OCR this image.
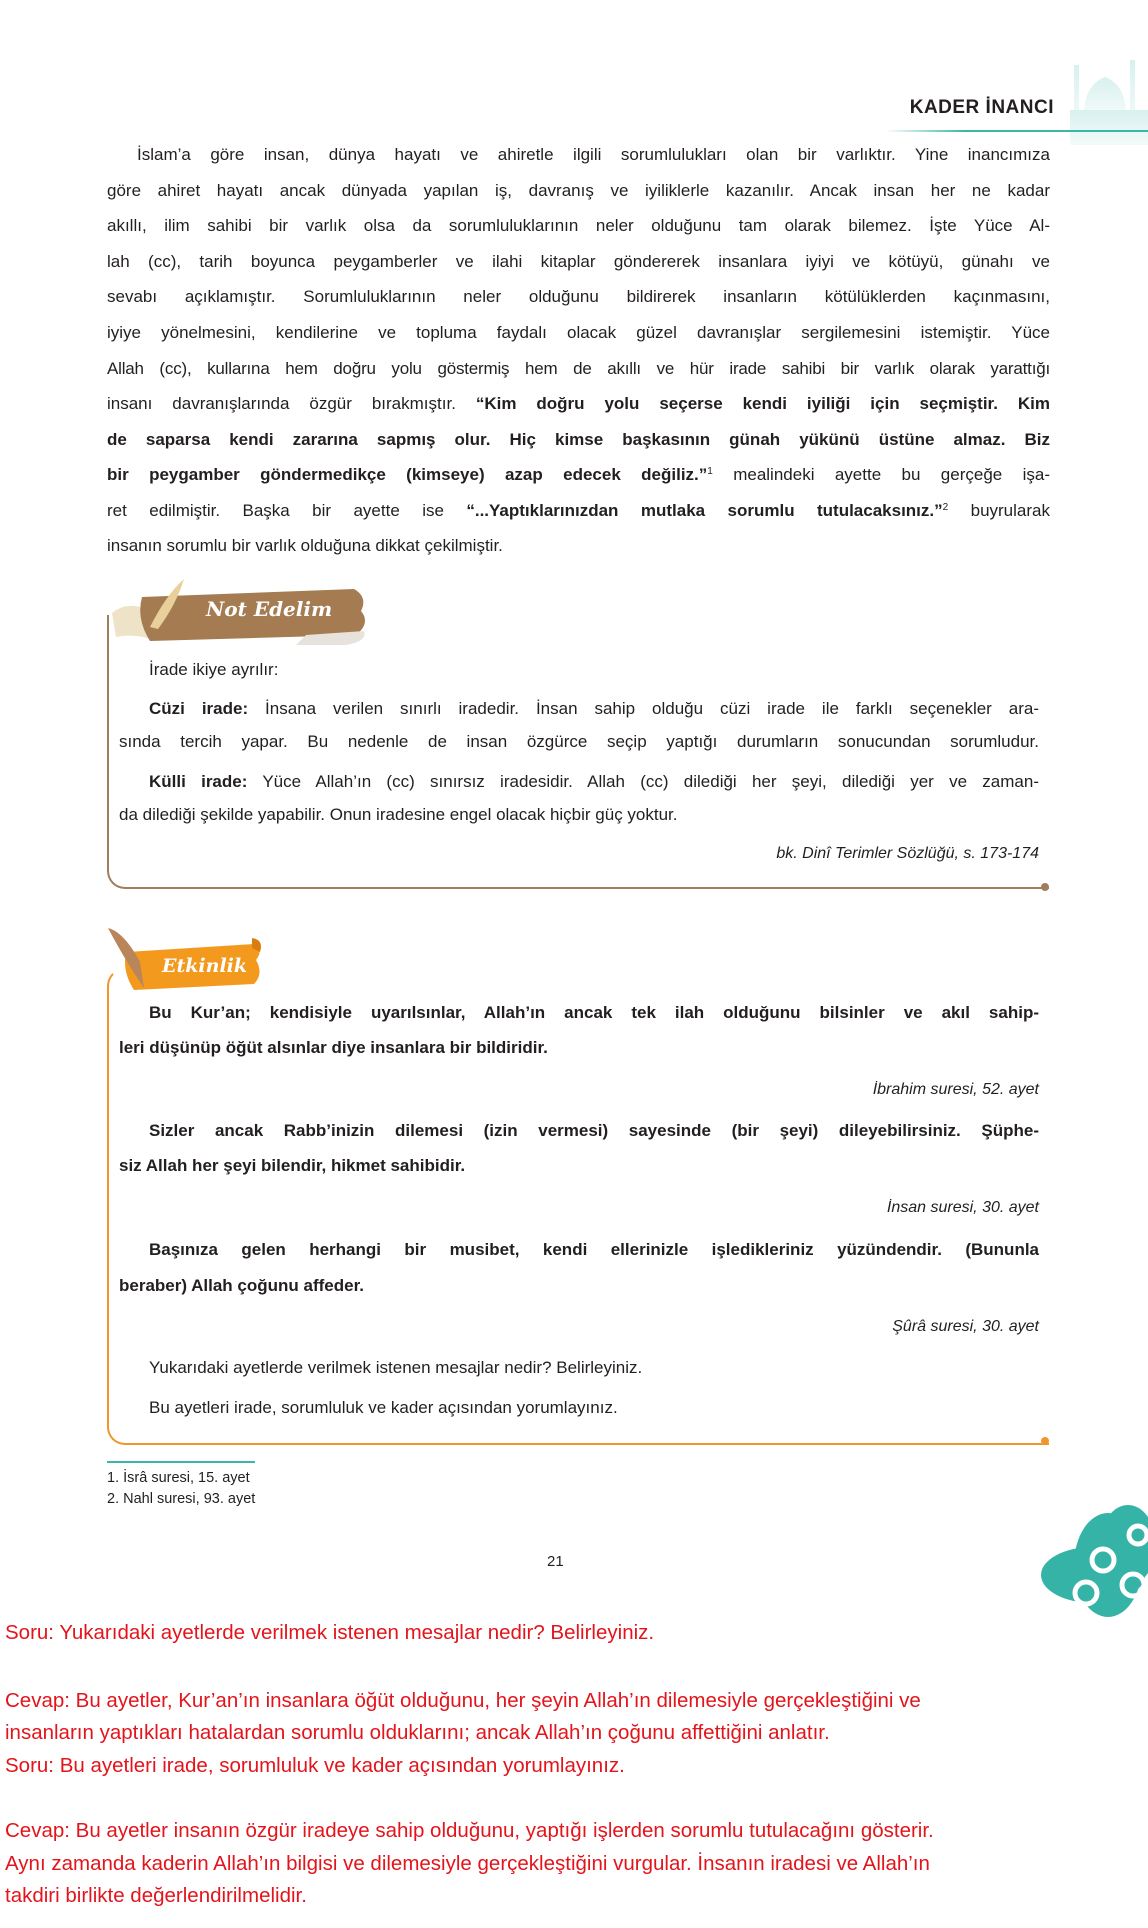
KADER İNANCI
İslam’a göre insan, dünya hayatı ve ahiretle ilgili sorumlulukları olan bir varlıktır. Yine inancımıza
göre ahiret hayatı ancak dünyada yapılan iş, davranış ve iyiliklerle kazanılır. Ancak insan her ne kadar
akıllı, ilim sahibi bir varlık olsa da sorumluluklarının neler olduğunu tam olarak bilemez. İşte Yüce Al-
lah (cc), tarih boyunca peygamberler ve ilahi kitaplar göndererek insanlara iyiyi ve kötüyü, günahı ve
sevabı açıklamıştır. Sorumluluklarının neler olduğunu bildirerek insanların kötülüklerden kaçınmasını,
iyiye yönelmesini, kendilerine ve topluma faydalı olacak güzel davranışlar sergilemesini istemiştir. Yüce
Allah (cc), kullarına hem doğru yolu göstermiş hem de akıllı ve hür irade sahibi bir varlık olarak yarattığı
insanı davranışlarında özgür bırakmıştır. “Kim doğru yolu seçerse kendi iyiliği için seçmiştir. Kim
de saparsa kendi zararına sapmış olur. Hiç kimse başkasının günah yükünü üstüne almaz. Biz
bir peygamber göndermedikçe (kimseye) azap edecek değiliz.”$^1$ mealindeki ayette bu gerçeğe işa-
ret edilmiştir. Başka bir ayette ise “...Yaptıklarınızdan mutlaka sorumlu tutulacaksınız.”$^2$ buyrularak
insanın sorumlu bir varlık olduğuna dikkat çekilmiştir.
Not Edelim
İrade ikiye ayrılır:
Cüzi irade: İnsana verilen sınırlı iradedir. İnsan sahip olduğu cüzi irade ile farklı seçenekler ara-
sında tercih yapar. Bu nedenle de insan özgürce seçip yaptığı durumların sonucundan sorumludur.
Külli irade: Yüce Allah’ın (cc) sınırsız iradesidir. Allah (cc) dilediği her şeyi, dilediği yer ve zaman-
da dilediği şekilde yapabilir. Onun iradesine engel olacak hiçbir güç yoktur.
bk. Dinî Terimler Sözlüğü, s. 173-174
Etkinlik
Bu Kur’an; kendisiyle uyarılsınlar, Allah’ın ancak tek ilah olduğunu bilsinler ve akıl sahip-
leri düşünüp öğüt alsınlar diye insanlara bir bildiridir.
İbrahim suresi, 52. ayet
Sizler ancak Rabb’inizin dilemesi (izin vermesi) sayesinde (bir şeyi) dileyebilirsiniz. Şüphe-
siz Allah her şeyi bilendir, hikmet sahibidir.
İnsan suresi, 30. ayet
Başınıza gelen herhangi bir musibet, kendi ellerinizle işledikleriniz yüzündendir. (Bununla
beraber) Allah çoğunu affeder.
Şûrâ suresi, 30. ayet
Yukarıdaki ayetlerde verilmek istenen mesajlar nedir? Belirleyiniz.
Bu ayetleri irade, sorumluluk ve kader açısından yorumlayınız.
1. İsrâ suresi, 15. ayet
2. Nahl suresi, 93. ayet
21
Soru: Yukarıdaki ayetlerde verilmek istenen mesajlar nedir? Belirleyiniz.
Cevap: Bu ayetler, Kur’an’ın insanlara öğüt olduğunu, her şeyin Allah’ın dilemesiyle gerçekleştiğini ve
insanların yaptıkları hatalardan sorumlu olduklarını; ancak Allah’ın çoğunu affettiğini anlatır.
Soru: Bu ayetleri irade, sorumluluk ve kader açısından yorumlayınız.
Cevap: Bu ayetler insanın özgür iradeye sahip olduğunu, yaptığı işlerden sorumlu tutulacağını gösterir.
Aynı zamanda kaderin Allah’ın bilgisi ve dilemesiyle gerçekleştiğini vurgular. İnsanın iradesi ve Allah’ın
takdiri birlikte değerlendirilmelidir.
